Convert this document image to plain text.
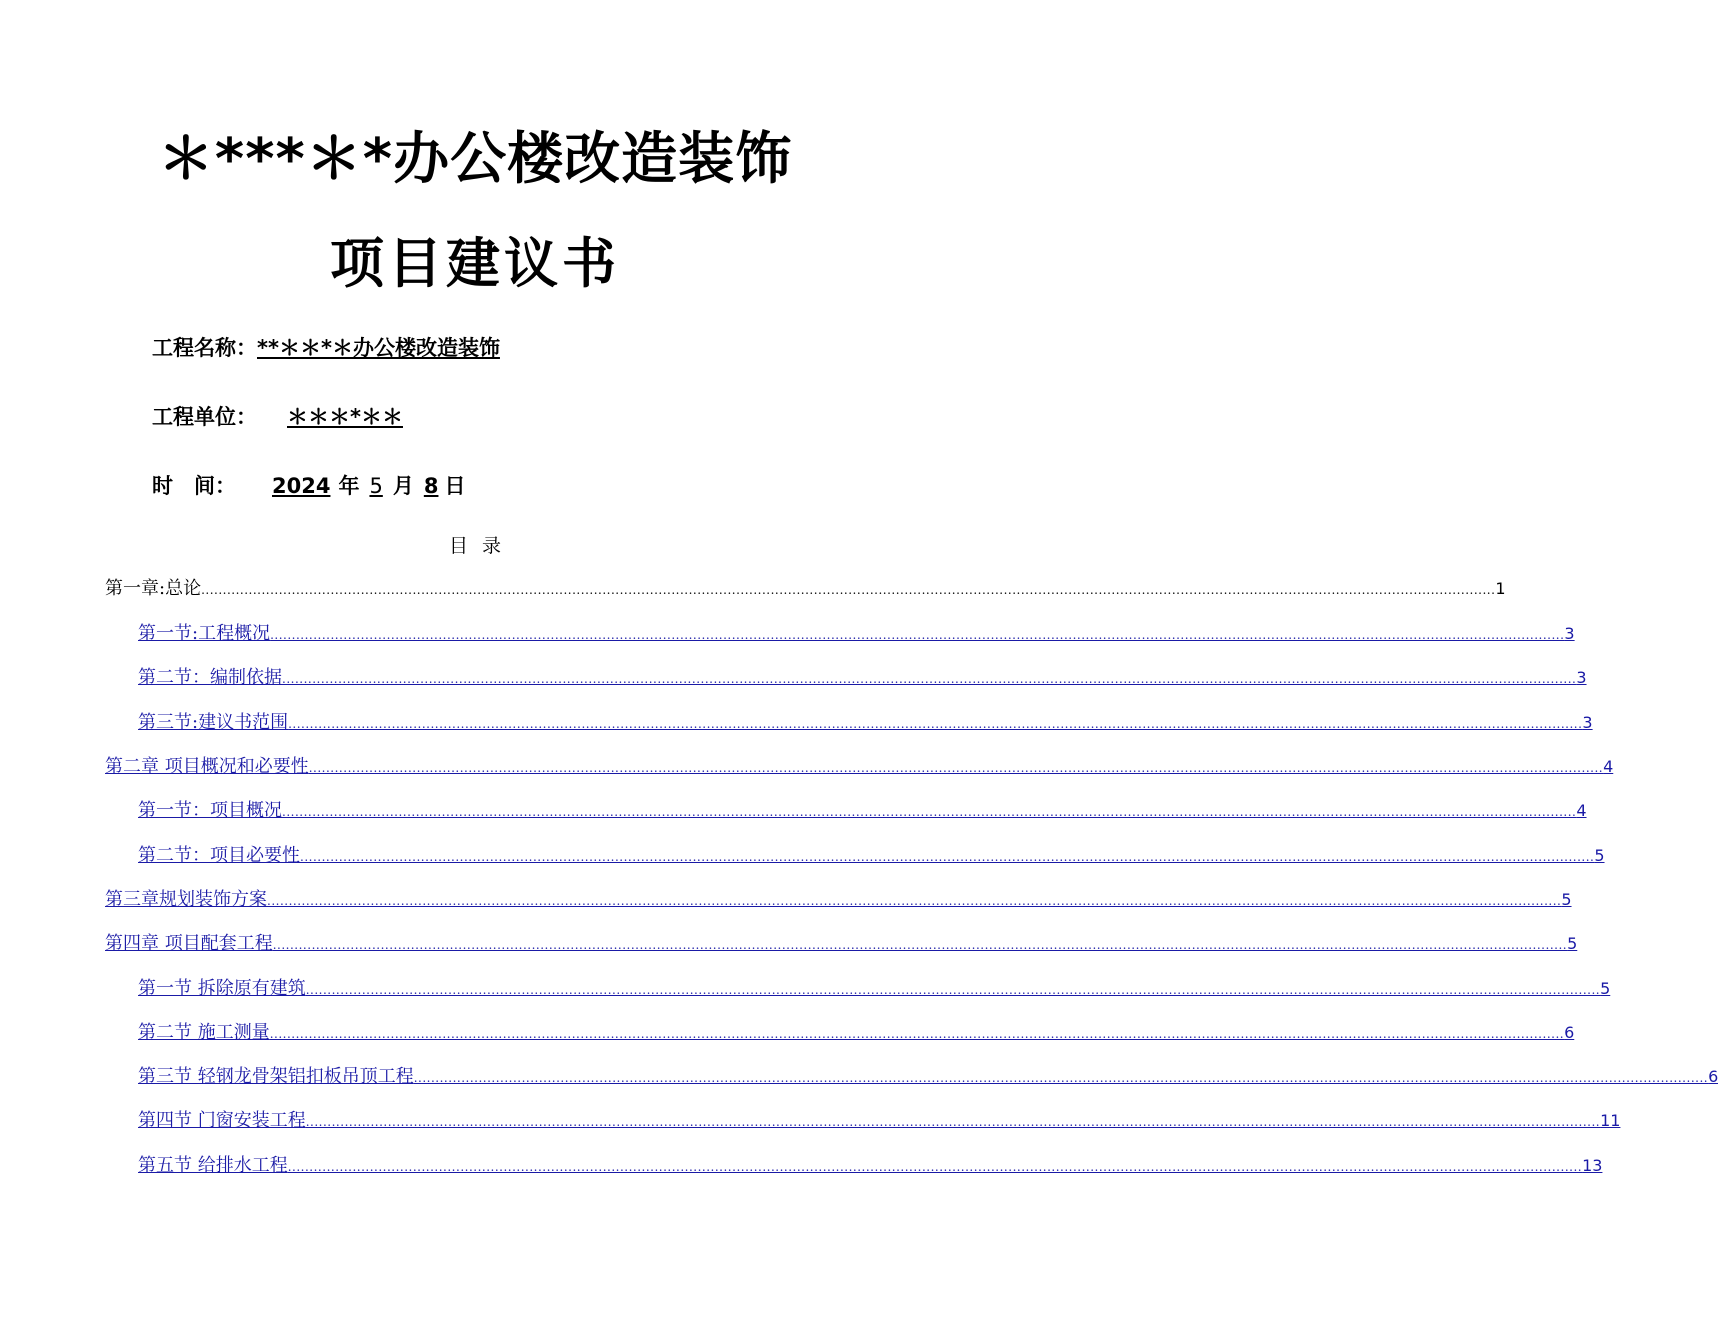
＊***＊*办公楼改造装饰
项目建议书
工程名称：**＊＊*＊办公楼改造装饰
工程单位： ＊＊＊*＊＊
时　间： 2024 年 5 月 8 日
目录
第一章:总论 ............................................................................................................................................................................................................................................................................................................ 1
第一节:工程概况 ............................................................................................................................................................................................................................................................................................................ 3
第二节：编制依据 ............................................................................................................................................................................................................................................................................................................ 3
第三节:建议书范围 ............................................................................................................................................................................................................................................................................................................ 3
第二章 项目概况和必要性 ............................................................................................................................................................................................................................................................................................................ 4
第一节：项目概况 ............................................................................................................................................................................................................................................................................................................ 4
第二节：项目必要性 ............................................................................................................................................................................................................................................................................................................ 5
第三章规划装饰方案 ............................................................................................................................................................................................................................................................................................................ 5
第四章 项目配套工程 ............................................................................................................................................................................................................................................................................................................ 5
第一节 拆除原有建筑 ............................................................................................................................................................................................................................................................................................................ 5
第二节 施工测量 ............................................................................................................................................................................................................................................................................................................ 6
第三节 轻钢龙骨架铝扣板吊顶工程 ............................................................................................................................................................................................................................................................................................................ 6
第四节 门窗安装工程 ............................................................................................................................................................................................................................................................................................................ 11
第五节 给排水工程 ............................................................................................................................................................................................................................................................................................................ 13
